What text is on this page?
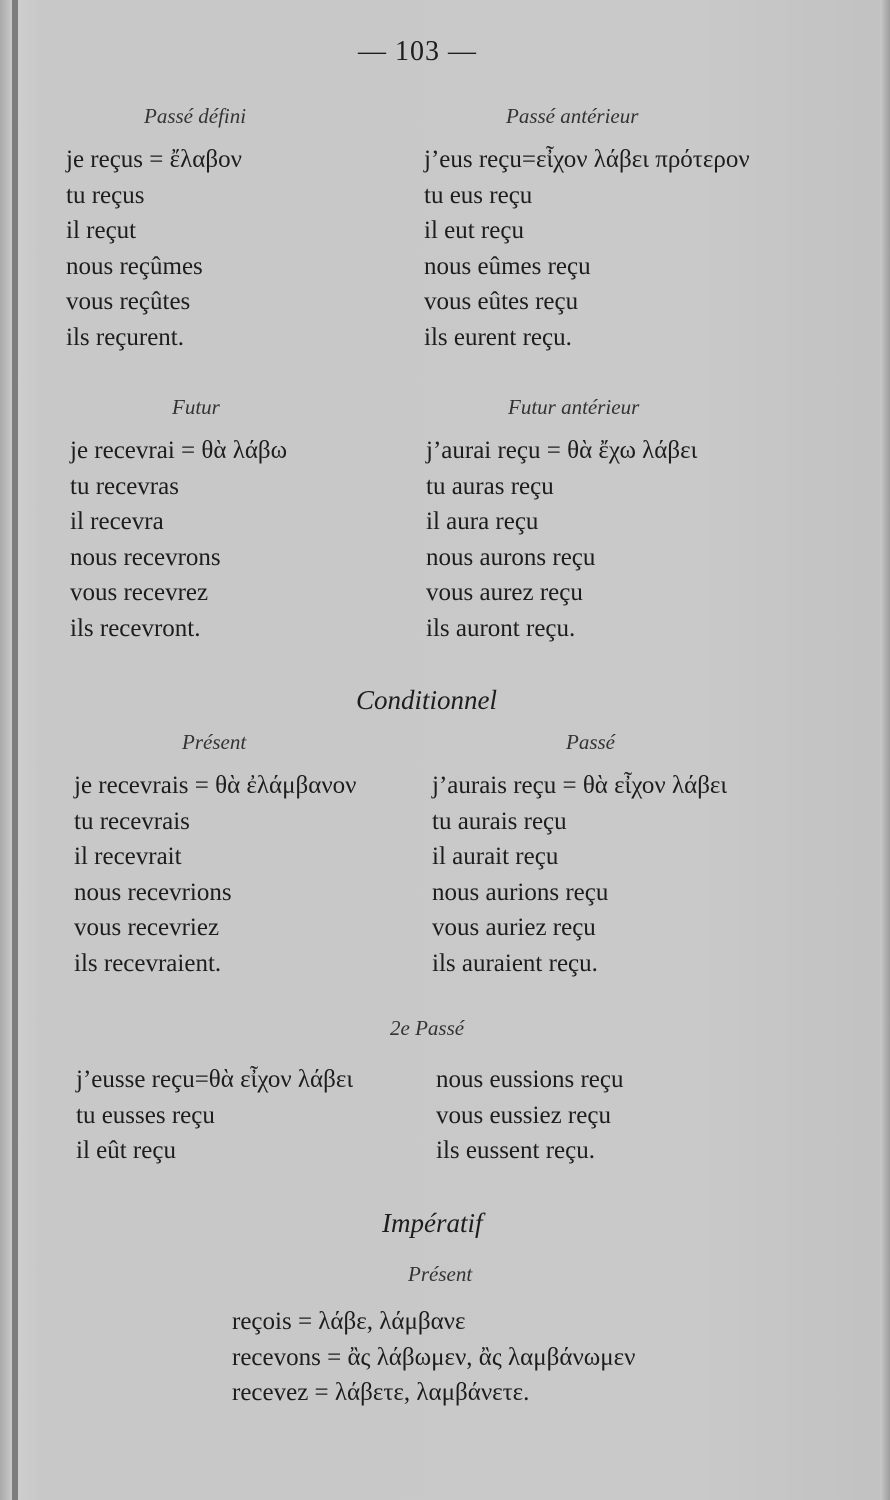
— 103 —
Passé défini
je reçus = ἔλαβον
tu reçus
il reçut
nous reçûmes
vous reçûtes
ils reçurent.
Passé antérieur
j’eus reçu=εἶχον λάβει πρότερον
tu eus reçu
il eut reçu
nous eûmes reçu
vous eûtes reçu
ils eurent reçu.
Futur
je recevrai = θὰ λάβω
tu recevras
il recevra
nous recevrons
vous recevrez
ils recevront.
Futur antérieur
j’aurai reçu = θὰ ἔχω λάβει
tu auras reçu
il aura reçu
nous aurons reçu
vous aurez reçu
ils auront reçu.
Conditionnel
Présent	Passé
je recevrais = θὰ ἐλάμβανον
tu recevrais
il recevrait
nous recevrions
vous recevriez
ils recevraient.
j’aurais reçu = θὰ εἶχον λάβει
tu aurais reçu
il aurait reçu
nous aurions reçu
vous auriez reçu
ils auraient reçu.
2e Passé
j’eusse reçu=θὰ εἶχον λάβει
tu eusses reçu
il eût reçu
nous eussions reçu
vous eussiez reçu
ils eussent reçu.
Impératif
Présent
reçois = λάβε, λάμβανε
recevons = ἂς λάβωμεν, ἂς λαμβάνωμεν
recevez = λάβετε, λαμβάνετε.
